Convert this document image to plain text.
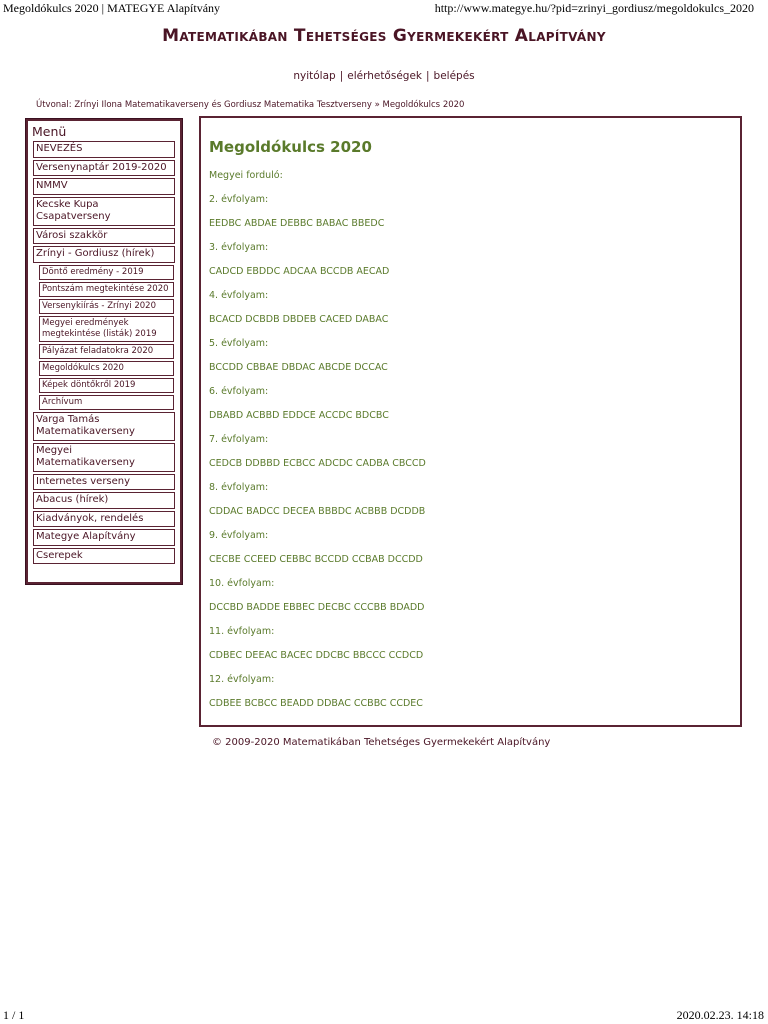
Megoldókulcs 2020 | MATEGYE Alapítvány	http://www.mategye.hu/?pid=zrinyi_gordiusz/megoldokulcs_2020
Matematikában Tehetséges Gyermekekért Alapítvány
nyitólap | elérhetőségek | belépés
Útvonal: Zrínyi Ilona Matematikaverseny és Gordiusz Matematika Tesztverseny » Megoldókulcs 2020
Menü
NEVEZÉS
Versenynaptár 2019-2020
NMMV
Kecske Kupa Csapatverseny
Városi szakkör
Zrínyi - Gordiusz (hírek)
Döntő eredmény - 2019
Pontszám megtekintése 2020
Versenykiírás - Zrínyi 2020
Megyei eredmények megtekintése (listák) 2019
Pályázat feladatokra 2020
Megoldókulcs 2020
Képek döntőkről 2019
Archívum
Varga Tamás Matematikaverseny
Megyei Matematikaverseny
Internetes verseny
Abacus (hírek)
Kiadványok, rendelés
Mategye Alapítvány
Cserepek
Megoldókulcs 2020

Megyei forduló:

2. évfolyam:

EEDBC ABDAE DEBBC BABAC BBEDC

3. évfolyam:

CADCD EBDDC ADCAA BCCDB AECAD

4. évfolyam:

BCACD DCBDB DBDEB CACED DABAC

5. évfolyam:

BCCDD CBBAE DBDAC ABCDE DCCAC

6. évfolyam:

DBABD ACBBD EDDCE ACCDC BDCBC

7. évfolyam:

CEDCB DDBBD ECBCC ADCDC CADBA CBCCD

8. évfolyam:

CDDAC BADCC DECEA BBBDC ACBBB DCDDB

9. évfolyam:

CECBE CCEED CEBBC BCCDD CCBAB DCCDD

10. évfolyam:

DCCBD BADDE EBBEC DECBC CCCBB BDADD

11. évfolyam:

CDBEC DEEAC BACEC DDCBC BBCCC CCDCD

12. évfolyam:

CDBEE BCBCC BEADD DDBAC CCBBC CCDEC

© 2009-2020 Matematikában Tehetséges Gyermekekért Alapítvány
1 / 1	2020.02.23. 14:18
